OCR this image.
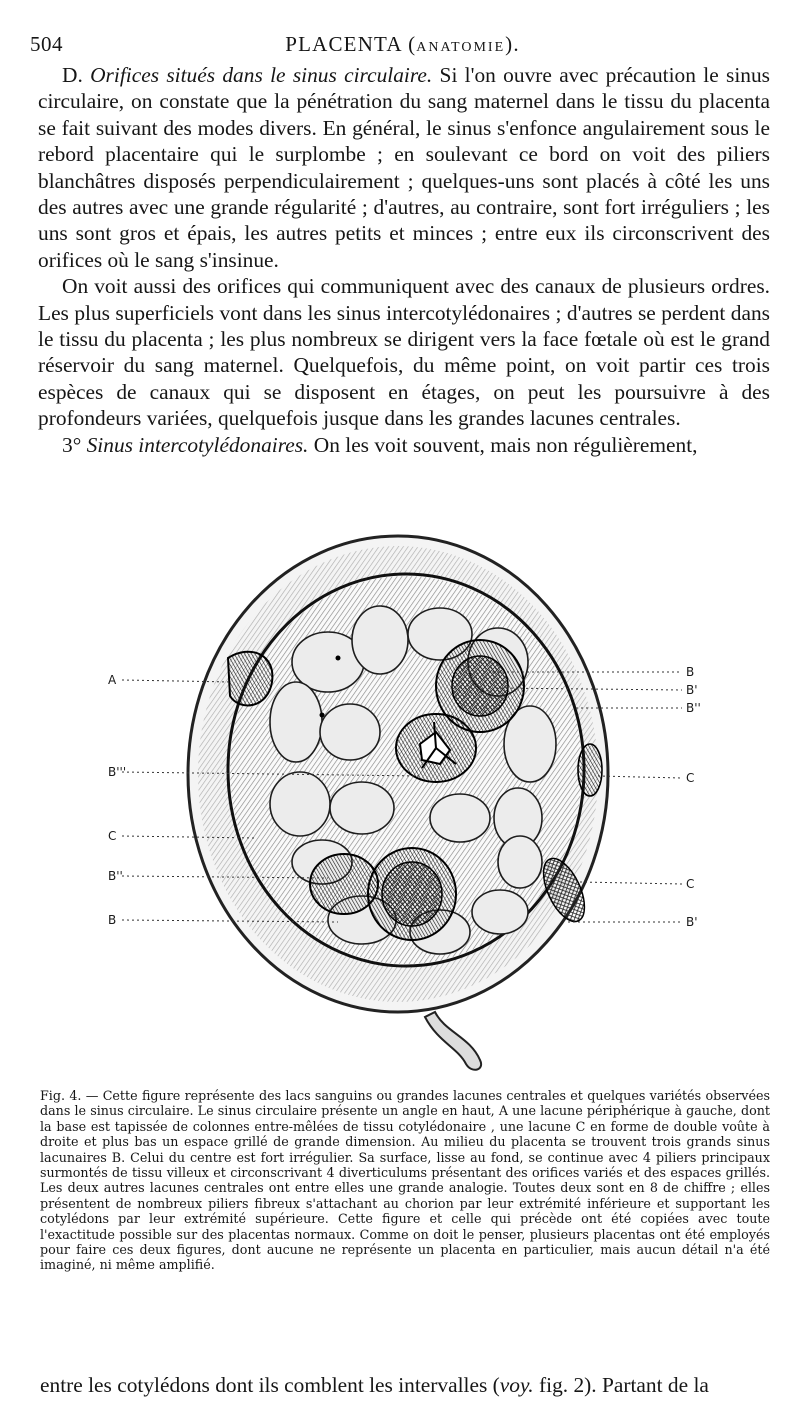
504	PLACENTA (ANATOMIE).

D. Orifices situés dans le sinus circulaire. Si l'on ouvre avec précaution le sinus circulaire, on constate que la pénétration du sang maternel dans le tissu du placenta se fait suivant des modes divers. En général, le sinus s'enfonce angulairement sous le rebord placentaire qui le surplombe ; en soulevant ce bord on voit des piliers blanchâtres disposés perpendiculairement ; quelques-uns sont placés à côté les uns des autres avec une grande régularité ; d'autres, au contraire, sont fort irréguliers ; les uns sont gros et épais, les autres petits et minces ; entre eux ils circonscrivent des orifices où le sang s'insinue.

On voit aussi des orifices qui communiquent avec des canaux de plusieurs ordres. Les plus superficiels vont dans les sinus intercotylédonaires ; d'autres se perdent dans le tissu du placenta ; les plus nombreux se dirigent vers la face fœtale où est le grand réservoir du sang maternel. Quelquefois, du même point, on voit partir ces trois espèces de canaux qui se disposent en étages, on peut les poursuivre à des profondeurs variées, quelquefois jusque dans les grandes lacunes centrales.

3° Sinus intercotylédonaires. On les voit souvent, mais non régulièrement,

A
B'''
C
B''
B
B
B'
B''
C
C
B'

Fig. 4. — Cette figure représente des lacs sanguins ou grandes lacunes centrales et quelques variétés observées dans le sinus circulaire. Le sinus circulaire présente un angle en haut, A une lacune périphérique à gauche, dont la base est tapissée de colonnes entre-mêlées de tissu cotylédonaire , une lacune C en forme de double voûte à droite et plus bas un espace grillé de grande dimension. Au milieu du placenta se trouvent trois grands sinus lacunaires B. Celui du centre est fort irrégulier. Sa surface, lisse au fond, se continue avec 4 piliers principaux surmontés de tissu villeux et circonscrivant 4 diverticulums présentant des orifices variés et des espaces grillés. Les deux autres lacunes centrales ont entre elles une grande analogie. Toutes deux sont en 8 de chiffre ; elles présentent de nombreux piliers fibreux s'attachant au chorion par leur extrémité inférieure et supportant les cotylédons par leur extrémité supérieure. Cette figure et celle qui précède ont été copiées avec toute l'exactitude possible sur des placentas normaux. Comme on doit le penser, plusieurs placentas ont été employés pour faire ces deux figures, dont aucune ne représente un placenta en particulier, mais aucun détail n'a été imaginé, ni même amplifié.

entre les cotylédons dont ils comblent les intervalles (voy. fig. 2). Partant de la
